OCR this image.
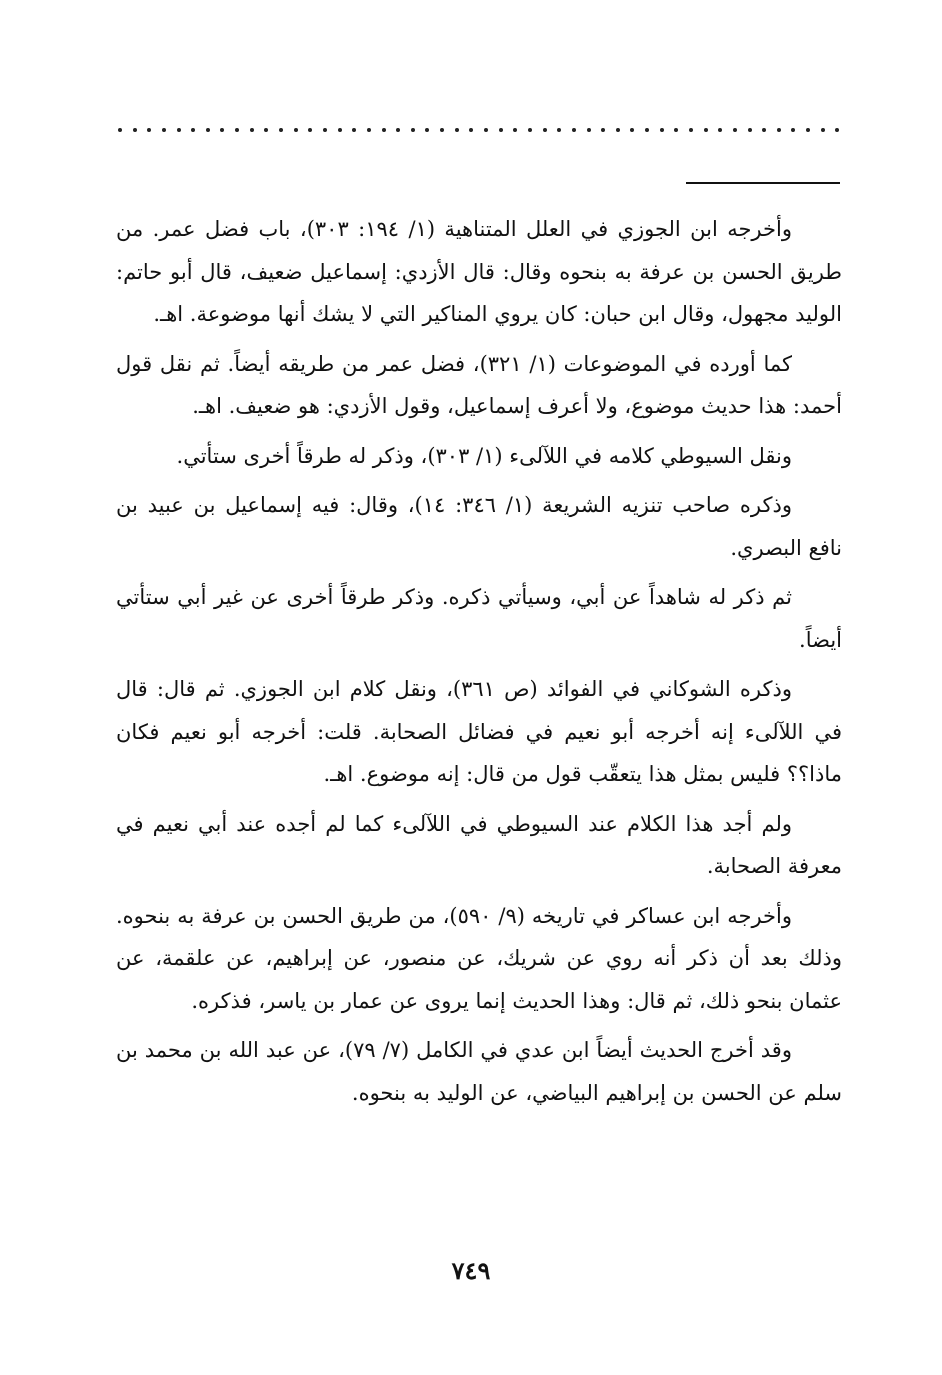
وأخرجه ابن الجوزي في العلل المتناهية (١/ ١٩٤: ٣٠٣)، باب فضل عمر. من طريق الحسن بن عرفة به بنحوه وقال: قال الأزدي: إسماعيل ضعيف، قال أبو حاتم: الوليد مجهول، وقال ابن حبان: كان يروي المناكير التي لا يشك أنها موضوعة. اهـ.

كما أورده في الموضوعات (١/ ٣٢١)، فضل عمر من طريقه أيضاً. ثم نقل قول أحمد: هذا حديث موضوع، ولا أعرف إسماعيل، وقول الأزدي: هو ضعيف. اهـ.

ونقل السيوطي كلامه في اللآلىء (١/ ٣٠٣)، وذكر له طرقاً أخرى ستأتي.

وذكره صاحب تنزيه الشريعة (١/ ٣٤٦: ١٤)، وقال: فيه إسماعيل بن عبيد بن نافع البصري.

ثم ذكر له شاهداً عن أبي، وسيأتي ذكره. وذكر طرقاً أخرى عن غير أبي ستأتي أيضاً.

وذكره الشوكاني في الفوائد (ص ٣٦١)، ونقل كلام ابن الجوزي. ثم قال: قال في اللآلىء إنه أخرجه أبو نعيم في فضائل الصحابة. قلت: أخرجه أبو نعيم فكان ماذا؟؟ فليس بمثل هذا يتعقّب قول من قال: إنه موضوع. اهـ.

ولم أجد هذا الكلام عند السيوطي في اللآلىء كما لم أجده عند أبي نعيم في معرفة الصحابة.

وأخرجه ابن عساكر في تاريخه (٩/ ٥٩٠)، من طريق الحسن بن عرفة به بنحوه. وذلك بعد أن ذكر أنه روي عن شريك، عن منصور، عن إبراهيم، عن علقمة، عن عثمان بنحو ذلك، ثم قال: وهذا الحديث إنما يروى عن عمار بن ياسر، فذكره.

وقد أخرج الحديث أيضاً ابن عدي في الكامل (٧/ ٧٩)، عن عبد الله بن محمد بن سلم عن الحسن بن إبراهيم البياضي، عن الوليد به بنحوه.

٧٤٩
